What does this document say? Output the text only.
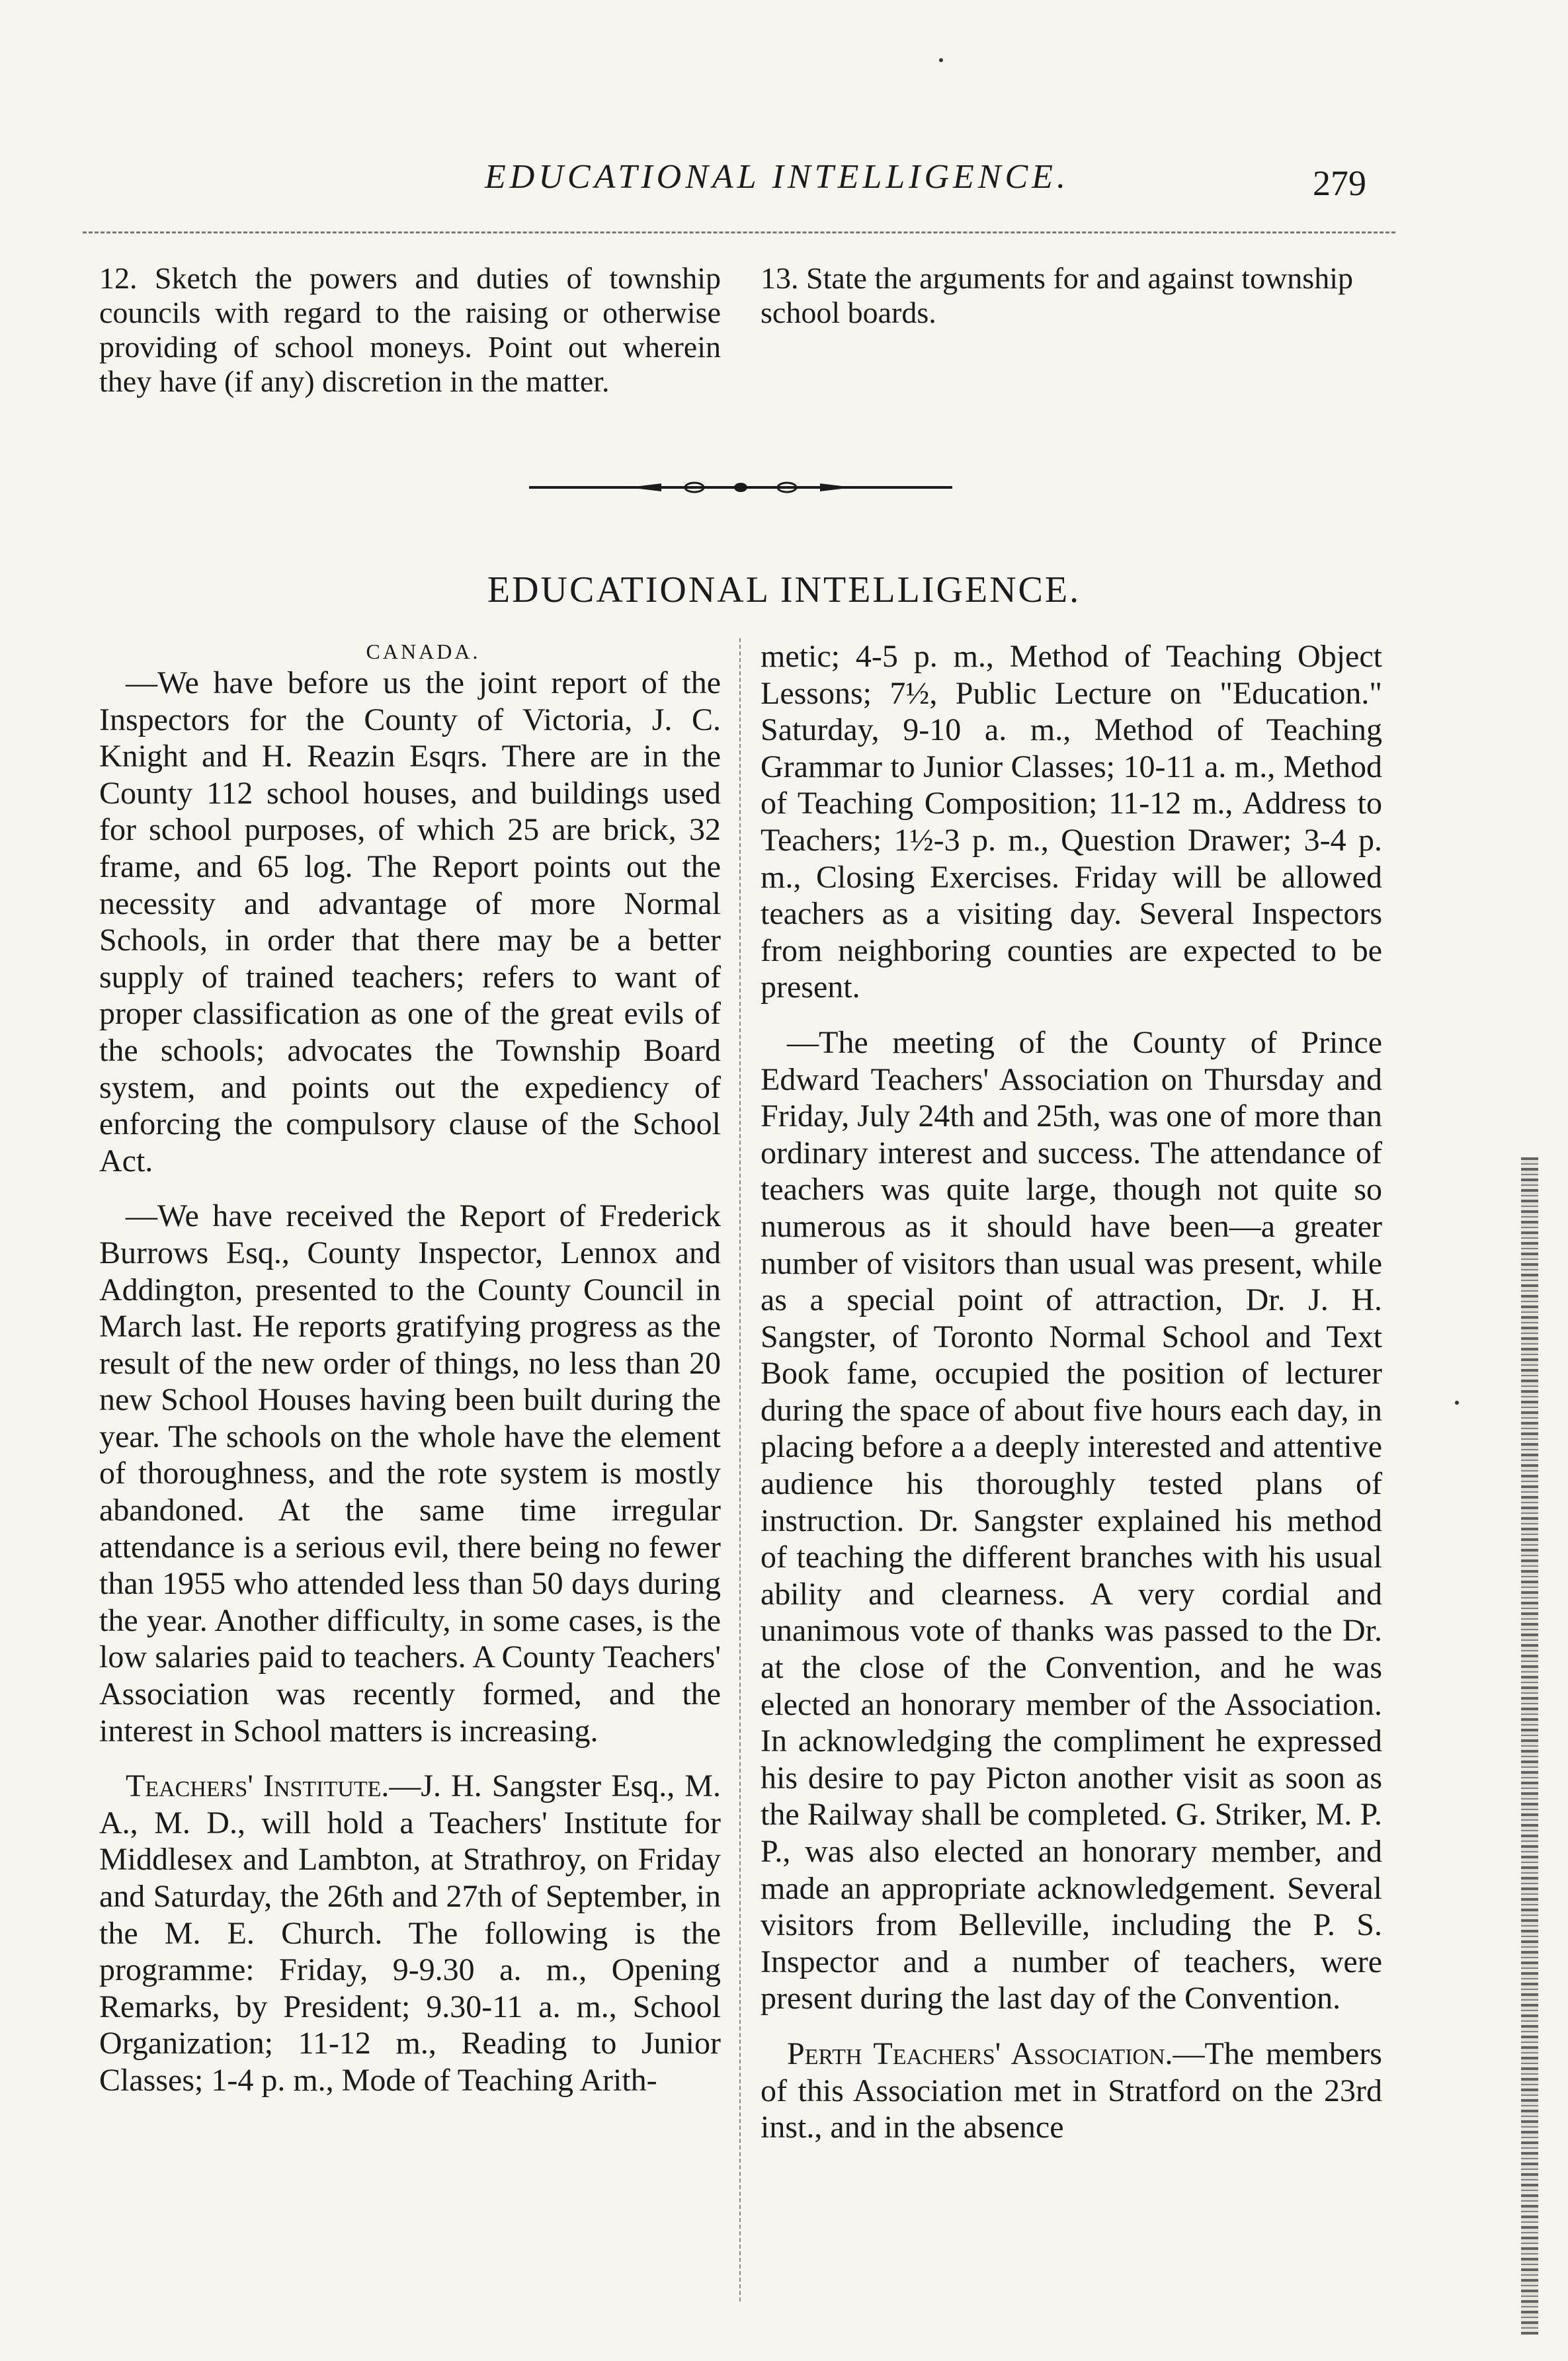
EDUCATIONAL INTELLIGENCE.	279
12. Sketch the powers and duties of township councils with regard to the raising or otherwise providing of school moneys. Point out wherein they have (if any) discretion in the matter.
13. State the arguments for and against township school boards.
EDUCATIONAL INTELLIGENCE.

CANADA.

—We have before us the joint report of the Inspectors for the County of Victoria, J. C. Knight and H. Reazin Esqrs. There are in the County 112 school houses, and buildings used for school purposes, of which 25 are brick, 32 frame, and 65 log. The Report points out the necessity and advantage of more Normal Schools, in order that there may be a better supply of trained teachers; refers to want of proper classification as one of the great evils of the schools; advocates the Township Board system, and points out the expediency of enforcing the compulsory clause of the School Act.

—We have received the Report of Frederick Burrows Esq., County Inspector, Lennox and Addington, presented to the County Council in March last. He reports gratifying progress as the result of the new order of things, no less than 20 new School Houses having been built during the year. The schools on the whole have the element of thoroughness, and the rote system is mostly abandoned. At the same time irregular attendance is a serious evil, there being no fewer than 1955 who attended less than 50 days during the year. Another difficulty, in some cases, is the low salaries paid to teachers. A County Teachers' Association was recently formed, and the interest in School matters is increasing.

Teachers' Institute.—J. H. Sangster Esq., M. A., M. D., will hold a Teachers' Institute for Middlesex and Lambton, at Strathroy, on Friday and Saturday, the 26th and 27th of September, in the M. E. Church. The following is the programme: Friday, 9-9.30 a. m., Opening Remarks, by President; 9.30-11 a. m., School Organization; 11-12 m., Reading to Junior Classes; 1-4 p. m., Mode of Teaching Arith-

metic; 4-5 p. m., Method of Teaching Object Lessons; 7½, Public Lecture on "Education." Saturday, 9-10 a. m., Method of Teaching Grammar to Junior Classes; 10-11 a. m., Method of Teaching Composition; 11-12 m., Address to Teachers; 1½-3 p. m., Question Drawer; 3-4 p. m., Closing Exercises. Friday will be allowed teachers as a visiting day. Several Inspectors from neighboring counties are expected to be present.

—The meeting of the County of Prince Edward Teachers' Association on Thursday and Friday, July 24th and 25th, was one of more than ordinary interest and success. The attendance of teachers was quite large, though not quite so numerous as it should have been—a greater number of visitors than usual was present, while as a special point of attraction, Dr. J. H. Sangster, of Toronto Normal School and Text Book fame, occupied the position of lecturer during the space of about five hours each day, in placing before a a deeply interested and attentive audience his thoroughly tested plans of instruction. Dr. Sangster explained his method of teaching the different branches with his usual ability and clearness. A very cordial and unanimous vote of thanks was passed to the Dr. at the close of the Convention, and he was elected an honorary member of the Association. In acknowledging the compliment he expressed his desire to pay Picton another visit as soon as the Railway shall be completed. G. Striker, M. P. P., was also elected an honorary member, and made an appropriate acknowledgement. Several visitors from Belleville, including the P. S. Inspector and a number of teachers, were present during the last day of the Convention.

Perth Teachers' Association.—The members of this Association met in Stratford on the 23rd inst., and in the absence
